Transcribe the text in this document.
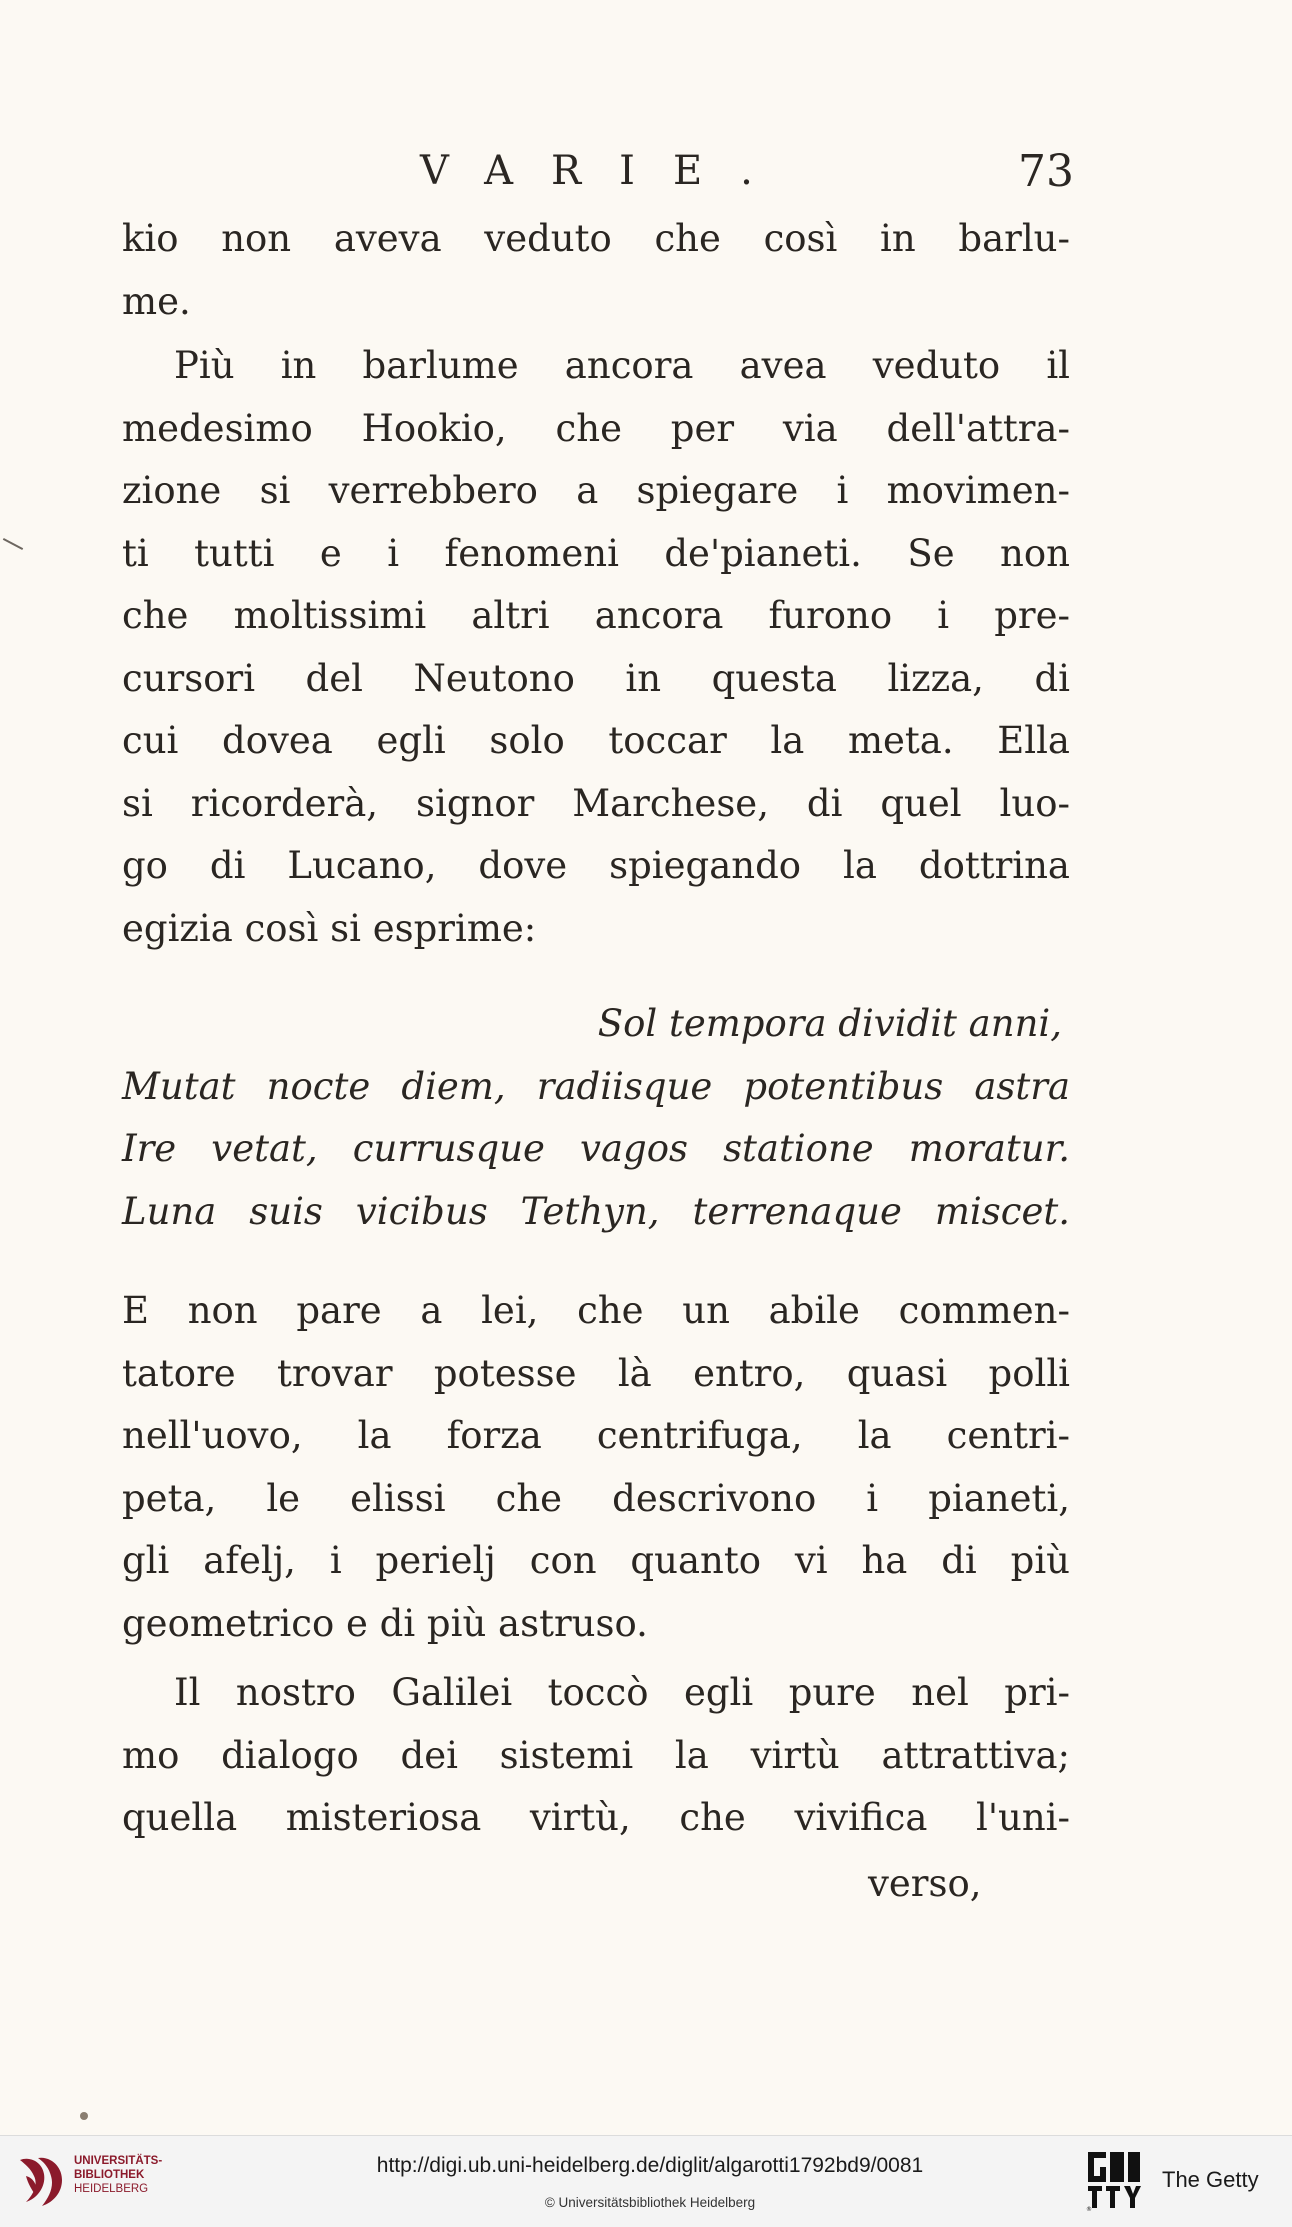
VARIE.	73
kio non aveva veduto che così in barlu-
me.
Più in barlume ancora avea veduto il
medesimo Hookio, che per via dell'attra-
zione si verrebbero a spiegare i movimen-
ti tutti e i fenomeni de'pianeti. Se non
che moltissimi altri ancora furono i pre-
cursori del Neutono in questa lizza, di
cui dovea egli solo toccar la meta. Ella
si ricorderà, signor Marchese, di quel luo-
go di Lucano, dove spiegando la dottrina
egizia così si esprime:
Sol tempora dividit anni,
Mutat nocte diem, radiisque potentibus astra
Ire vetat, currusque vagos statione moratur.
Luna suis vicibus Tethyn, terrenaque miscet.
E non pare a lei, che un abile commen-
tatore trovar potesse là entro, quasi polli
nell'uovo, la forza centrifuga, la centri-
peta, le elissi che descrivono i pianeti,
gli afelj, i perielj con quanto vi ha di più
geometrico e di più astruso.
Il nostro Galilei toccò egli pure nel pri-
mo dialogo dei sistemi la virtù attrattiva;
quella misteriosa virtù, che vivifica l'uni-
verso,
UNIVERSITÄTS-
BIBLIOTHEK
HEIDELBERG
http://digi.ub.uni-heidelberg.de/diglit/algarotti1792bd9/0081
© Universitätsbibliothek Heidelberg	®
The Getty
